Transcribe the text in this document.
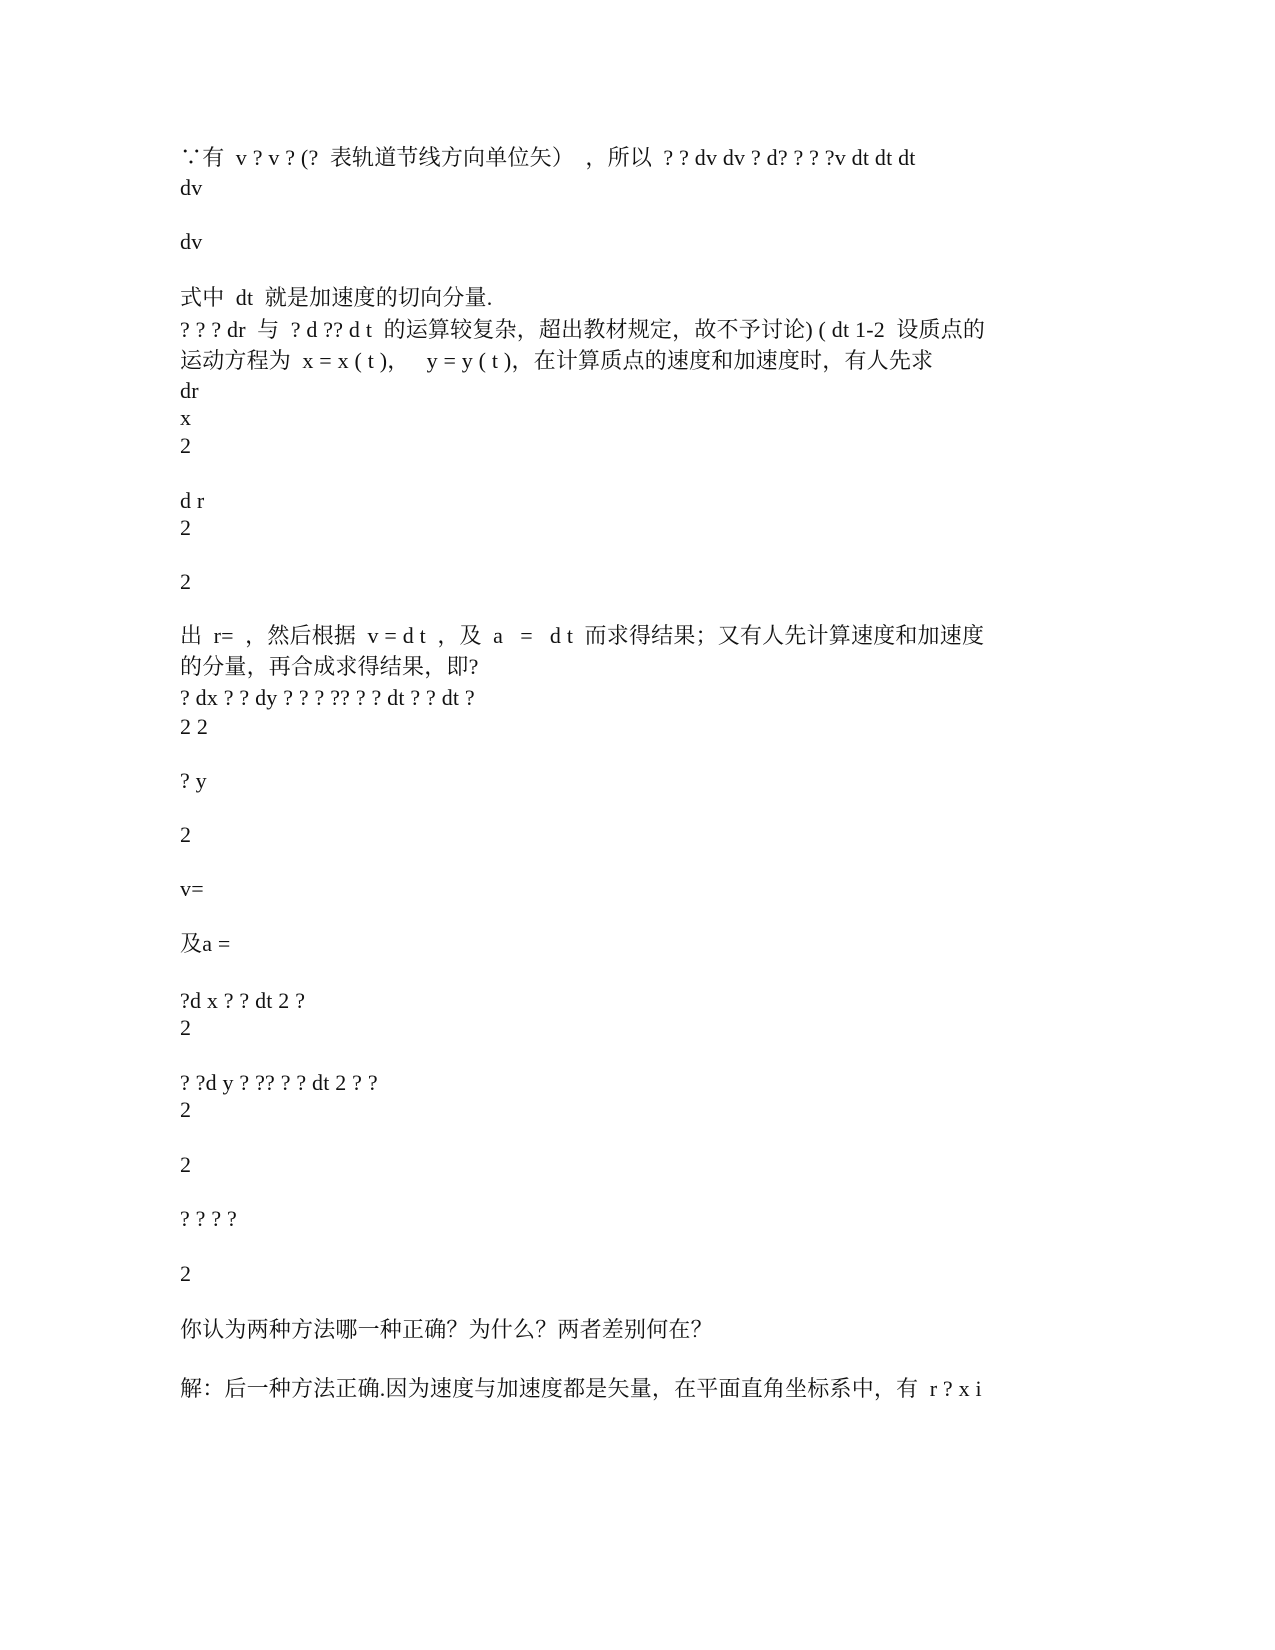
∵有  v ? v ? (?  表轨道节线方向单位矢）  ，所以  ? ? dv dv ? d? ? ? ?v dt dt dt
dv
dv
式中  dt  就是加速度的切向分量.
? ? ? dr  与  ? d ?? d t  的运算较复杂，超出教材规定，故不予讨论) ( dt 1-2  设质点的
运动方程为  x = x ( t )，   y = y ( t )，在计算质点的速度和加速度时，有人先求
dr
x
2
d r
2
2
出  r=  ，然后根据  v = d t  ，及  a   =   d t  而求得结果；又有人先计算速度和加速度
的分量，再合成求得结果，即?
? dx ? ? dy ? ? ? ?? ? ? dt ? ? dt ?
2 2
? y
2
v=
及a =
?d x ? ? dt 2 ?
2
? ?d y ? ?? ? ? dt 2 ? ?
2
2
? ? ? ?
2
你认为两种方法哪一种正确？为什么？两者差别何在？
解：后一种方法正确.因为速度与加速度都是矢量，在平面直角坐标系中，有  r ? x i
